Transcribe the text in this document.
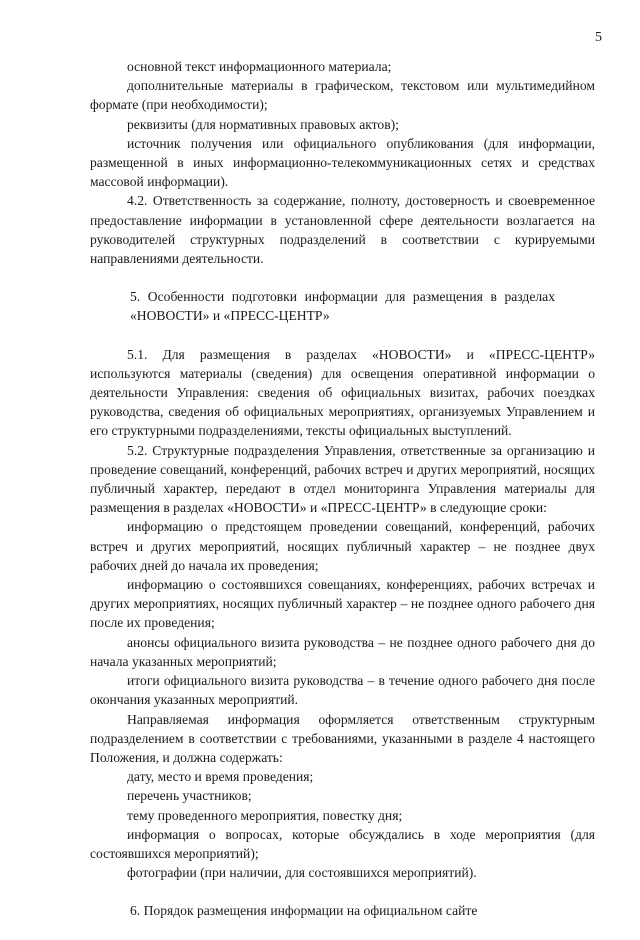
5

основной текст информационного материала;

дополнительные материалы в графическом, текстовом или мультимедийном формате (при необходимости);

реквизиты (для нормативных правовых актов);

источник получения или официального опубликования (для информации, размещенной в иных информационно-телекоммуникационных сетях и средствах массовой информации).

4.2. Ответственность за содержание, полноту, достоверность и своевременное предоставление информации в установленной сфере деятельности возлагается на руководителей структурных подразделений в соответствии с курируемыми направлениями деятельности.

5. Особенности подготовки информации для размещения в разделах «НОВОСТИ» и «ПРЕСС-ЦЕНТР»

5.1. Для размещения в разделах «НОВОСТИ» и «ПРЕСС-ЦЕНТР» используются материалы (сведения) для освещения оперативной информации о деятельности Управления: сведения об официальных визитах, рабочих поездках руководства, сведения об официальных мероприятиях, организуемых Управлением и его структурными подразделениями, тексты официальных выступлений.

5.2. Структурные подразделения Управления, ответственные за организацию и проведение совещаний, конференций, рабочих встреч и других мероприятий, носящих публичный характер, передают в отдел мониторинга Управления материалы для размещения в разделах «НОВОСТИ» и «ПРЕСС-ЦЕНТР» в следующие сроки:

информацию о предстоящем проведении совещаний, конференций, рабочих встреч и других мероприятий, носящих публичный характер – не позднее двух рабочих дней до начала их проведения;

информацию о состоявшихся совещаниях, конференциях, рабочих встречах и других мероприятиях, носящих публичный характер – не позднее одного рабочего дня после их проведения;

анонсы официального визита руководства – не позднее одного рабочего дня до начала указанных мероприятий;

итоги официального визита руководства – в течение одного рабочего дня после окончания указанных мероприятий.

Направляемая информация оформляется ответственным структурным подразделением в соответствии с требованиями, указанными в разделе 4 настоящего Положения, и должна содержать:

дату, место и время проведения;

перечень участников;

тему проведенного мероприятия, повестку дня;

информация о вопросах, которые обсуждались в ходе мероприятия (для состоявшихся мероприятий);

фотографии (при наличии, для состоявшихся мероприятий).

6. Порядок размещения информации на официальном сайте
